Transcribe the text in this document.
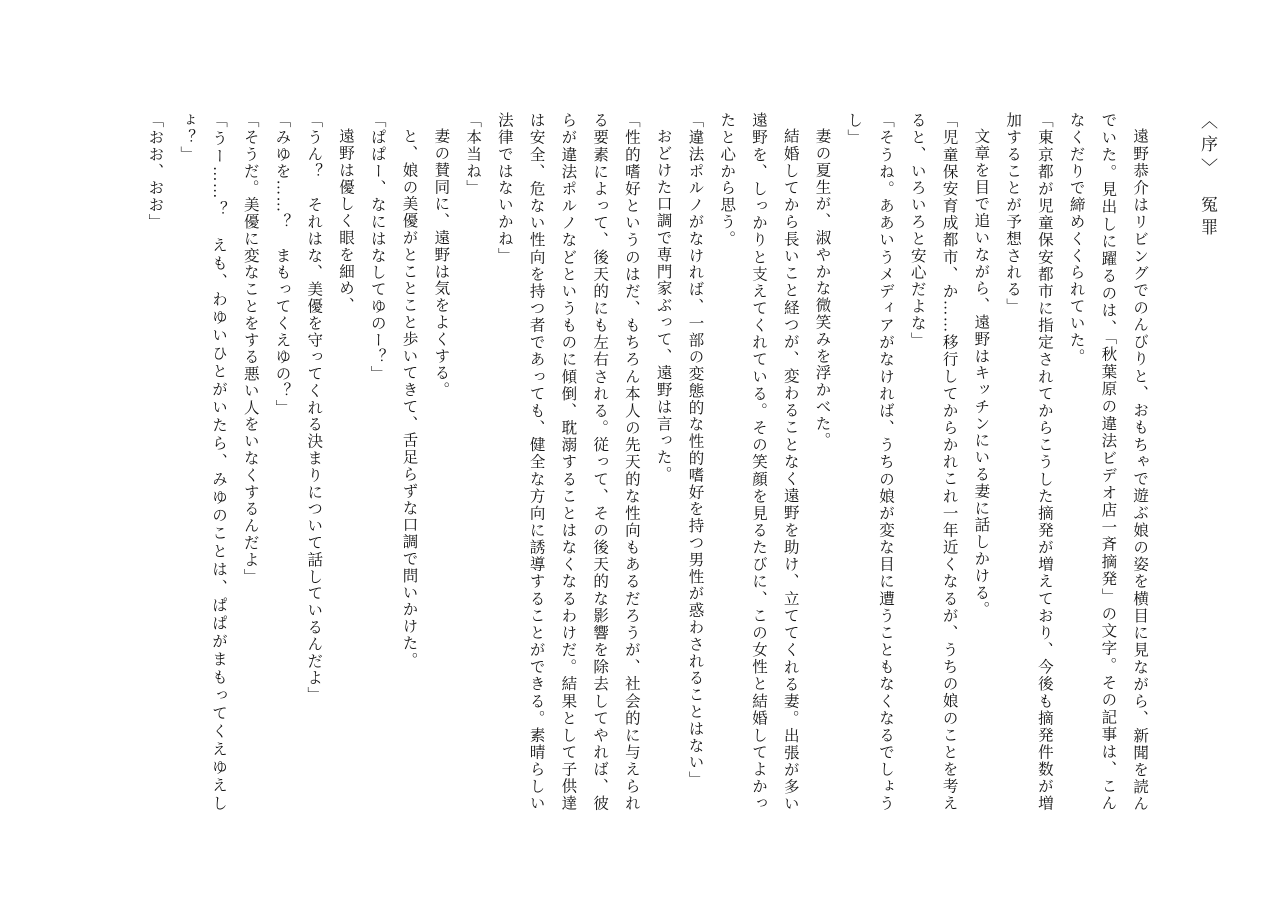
〈序〉　冤罪

遠野恭介はリビングでのんびりと、おもちゃで遊ぶ娘の姿を横目に見ながら、新聞を読んでいた。見出しに躍るのは、「秋葉原の違法ビデオ店一斉摘発」の文字。その記事は、こんなくだりで締めくくられていた。

「東京都が児童保安都市に指定されてからこうした摘発が増えており、今後も摘発件数が増加することが予想される」

文章を目で追いながら、遠野はキッチンにいる妻に話しかける。

「児童保安育成都市、か……移行してからかれこれ一年近くなるが、うちの娘のことを考えると、いろいろと安心だよな」

「そうね。ああいうメディアがなければ、うちの娘が変な目に遭うこともなくなるでしょうし」

妻の夏生が、淑やかな微笑みを浮かべた。

結婚してから長いこと経つが、変わることなく遠野を助け、立ててくれる妻。出張が多い遠野を、しっかりと支えてくれている。その笑顔を見るたびに、この女性と結婚してよかったと心から思う。

「違法ポルノがなければ、一部の変態的な性的嗜好を持つ男性が惑わされることはない」

おどけた口調で専門家ぶって、遠野は言った。

「性的嗜好というのはだ、もちろん本人の先天的な性向もあるだろうが、社会的に与えられる要素によって、後天的にも左右される。従って、その後天的な影響を除去してやれば、彼らが違法ポルノなどというものに傾倒、耽溺することはなくなるわけだ。結果として子供達は安全、危ない性向を持つ者であっても、健全な方向に誘導することができる。素晴らしい法律ではないかね」

「本当ね」

妻の賛同に、遠野は気をよくする。

と、娘の美優がとことこと歩いてきて、舌足らずな口調で問いかけた。

「ぱぱー、なにはなしてゆのー？」

遠野は優しく眼を細め、

「うん？　それはな、美優を守ってくれる決まりについて話しているんだよ」

「みゆを……？　まもってくえゆの？」

「そうだ。美優に変なことをする悪い人をいなくするんだよ」

「うー……？　えも、わゆいひとがいたら、みゆのことは、ぱぱがまもってくえゆえしょ？」

「おお、おお」
